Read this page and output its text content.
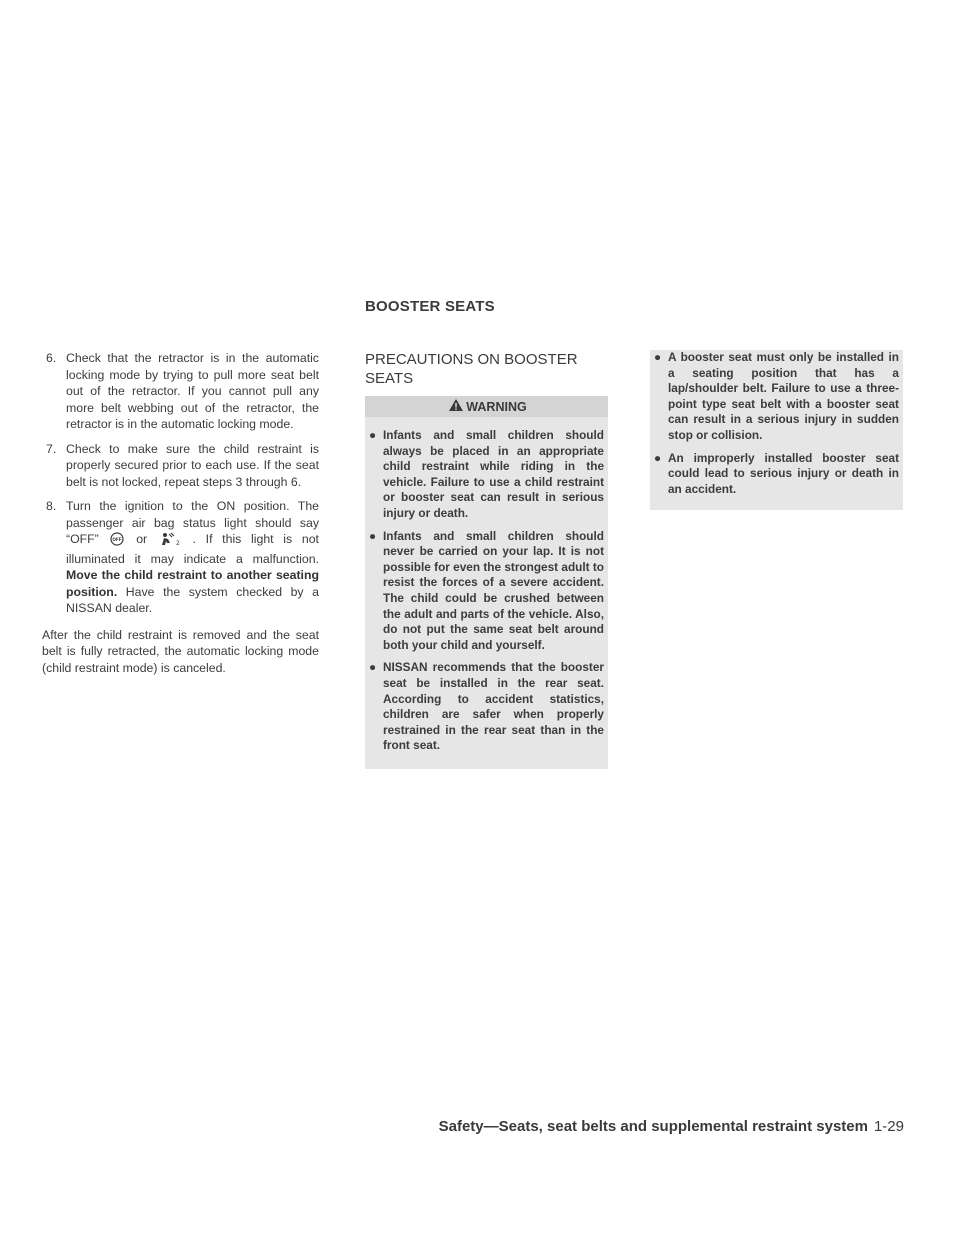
BOOSTER SEATS
6. Check that the retractor is in the automatic locking mode by trying to pull more seat belt out of the retractor. If you cannot pull any more belt webbing out of the retractor, the retractor is in the automatic locking mode.
7. Check to make sure the child restraint is properly secured prior to each use. If the seat belt is not locked, repeat steps 3 through 6.
8. Turn the ignition to the ON position. The passenger air bag status light should say “OFF”	OFF or	2 . If this light is not illuminated it may indicate a malfunction. Move the child restraint to another seating position. Have the system checked by a NISSAN dealer.
After the child restraint is removed and the seat belt is fully retracted, the automatic locking mode (child restraint mode) is canceled.
PRECAUTIONS ON BOOSTER SEATS
WARNING
● Infants and small children should always be placed in an appropriate child restraint while riding in the vehicle. Failure to use a child restraint or booster seat can result in serious injury or death.
● Infants and small children should never be carried on your lap. It is not possible for even the strongest adult to resist the forces of a severe accident. The child could be crushed between the adult and parts of the vehicle. Also, do not put the same seat belt around both your child and yourself.
● NISSAN recommends that the booster seat be installed in the rear seat. According to accident statistics, children are safer when properly restrained in the rear seat than in the front seat.
● A booster seat must only be installed in a seating position that has a lap/shoulder belt. Failure to use a three-point type seat belt with a booster seat can result in a serious injury in sudden stop or collision.
● An improperly installed booster seat could lead to serious injury or death in an accident.
Safety—Seats, seat belts and supplemental restraint system 1-29
